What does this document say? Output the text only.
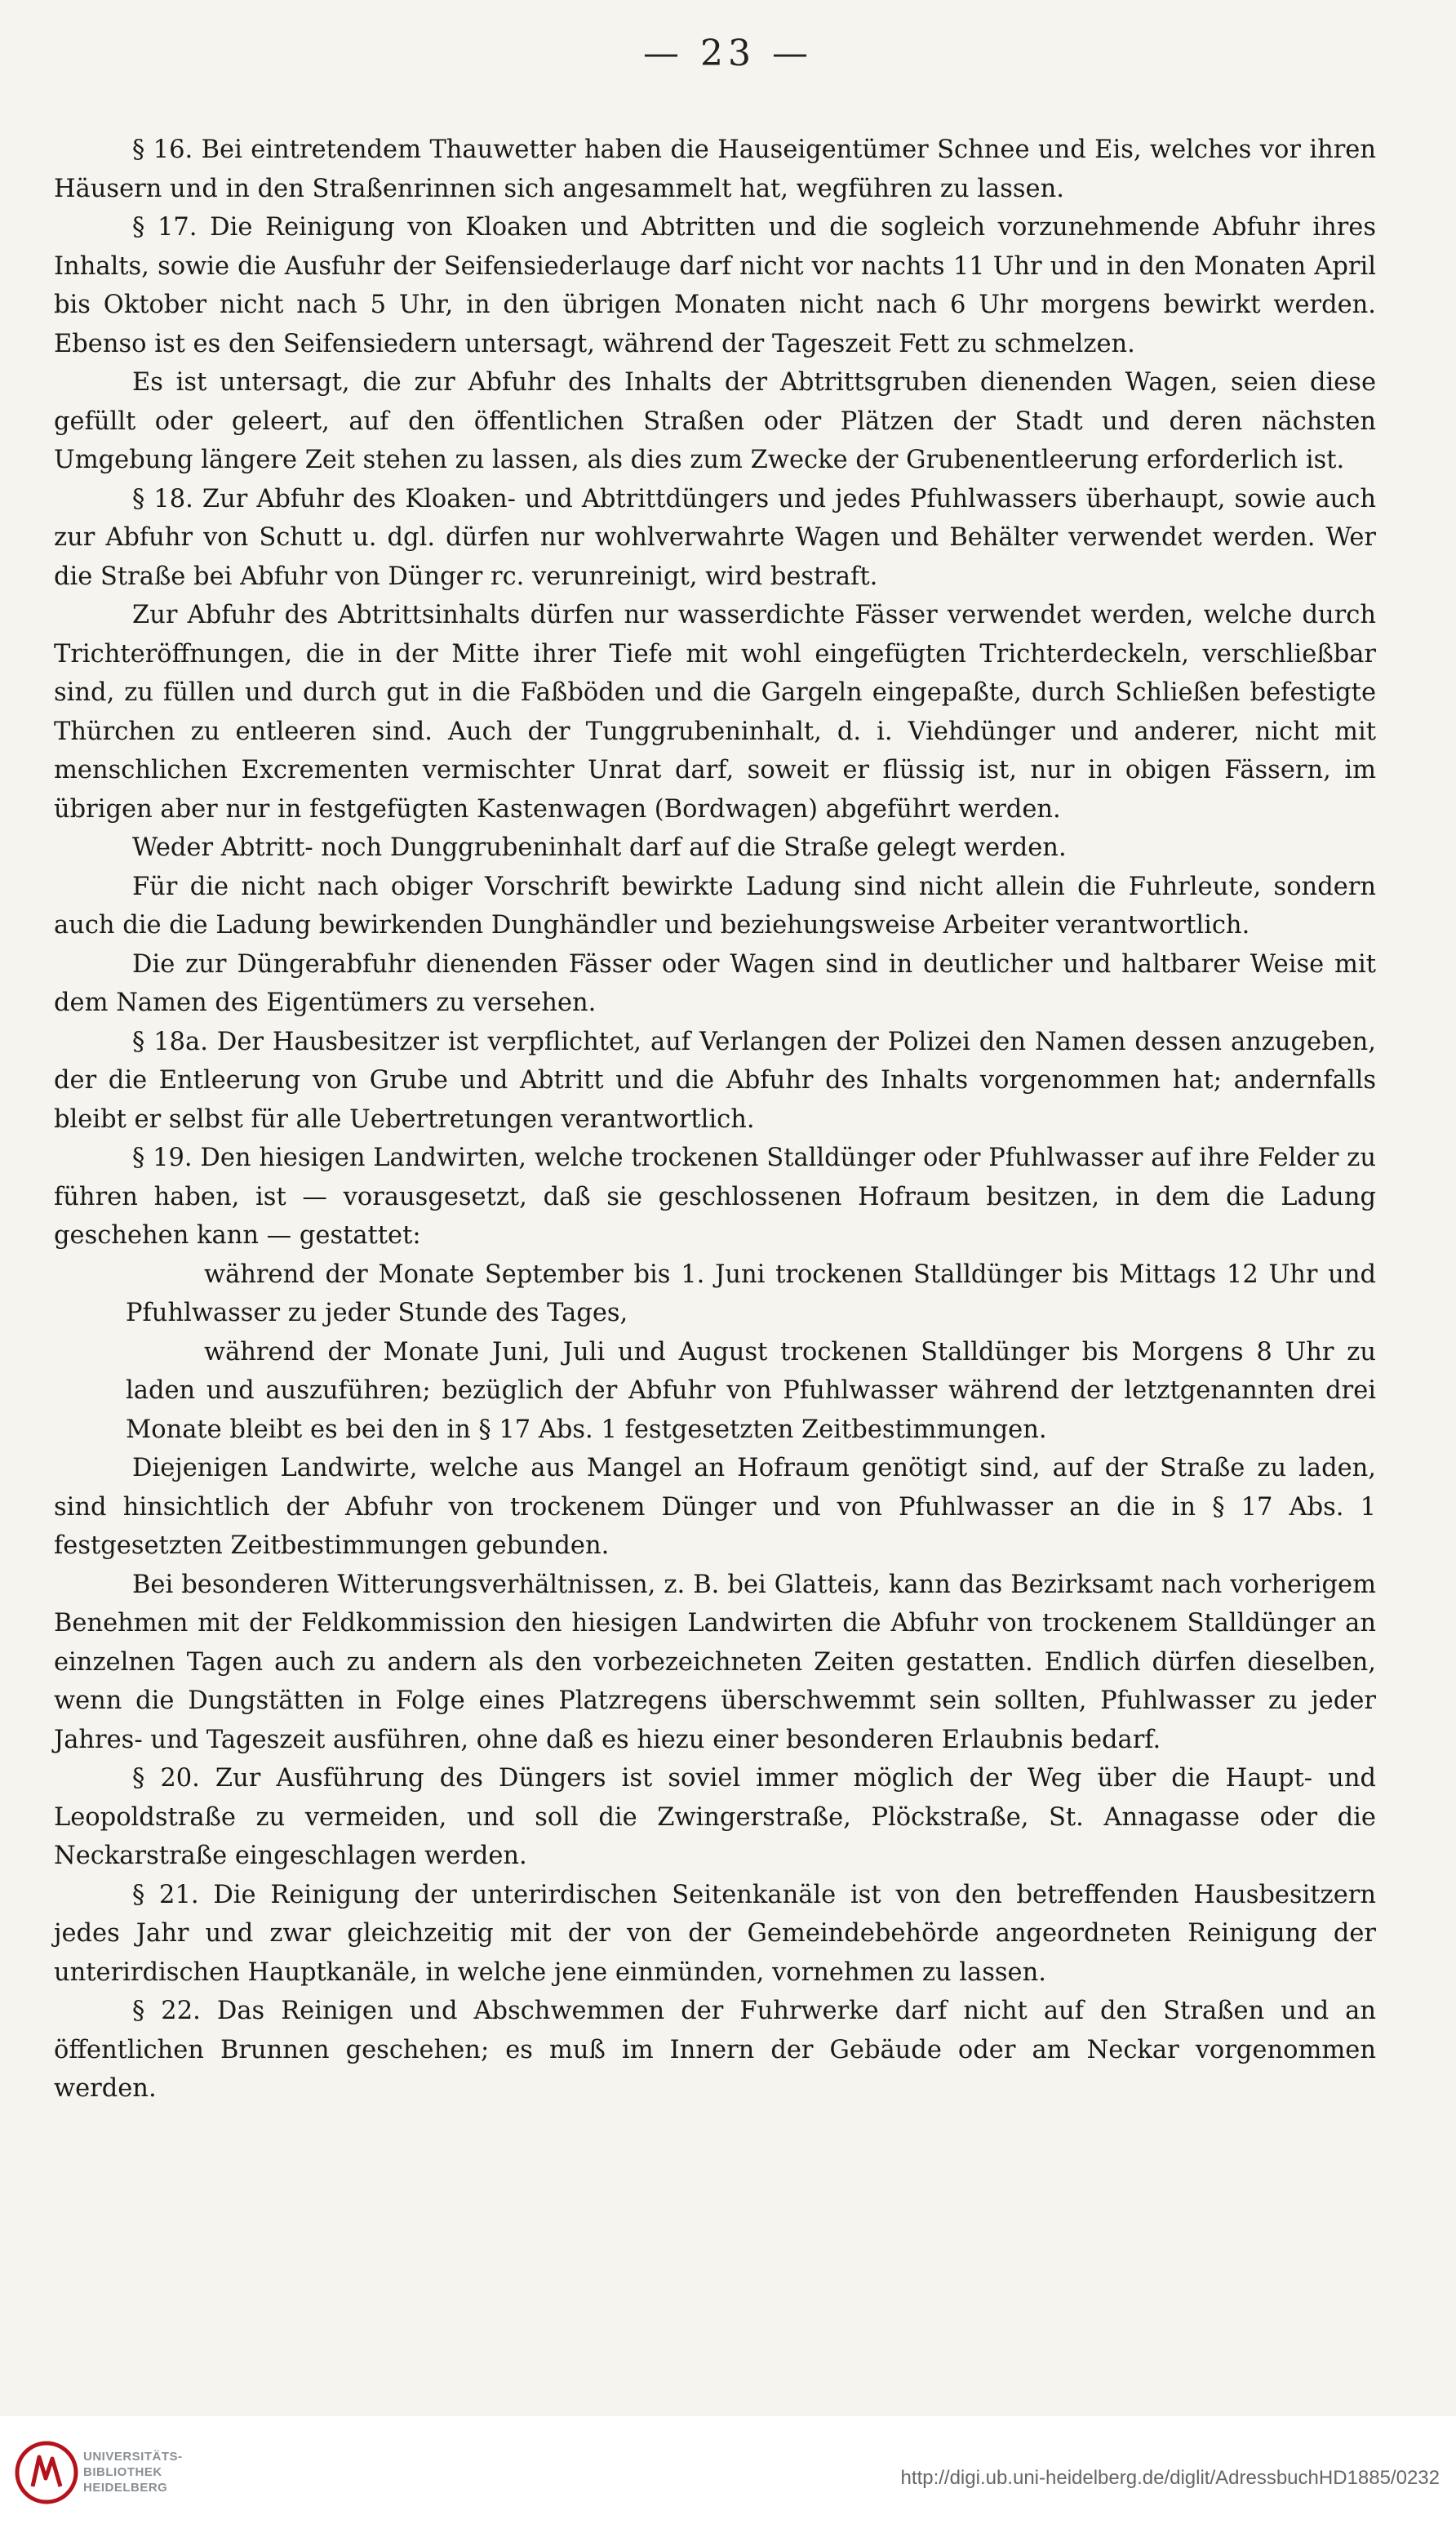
— 23 —

§ 16. Bei eintretendem Thauwetter haben die Hauseigentümer Schnee und Eis, welches vor ihren Häusern und in den Straßenrinnen sich angesammelt hat, wegführen zu lassen.

§ 17. Die Reinigung von Kloaken und Abtritten und die sogleich vorzunehmende Abfuhr ihres Inhalts, sowie die Ausfuhr der Seifensiederlauge darf nicht vor nachts 11 Uhr und in den Monaten April bis Oktober nicht nach 5 Uhr, in den übrigen Monaten nicht nach 6 Uhr morgens bewirkt werden. Ebenso ist es den Seifensiedern untersagt, während der Tageszeit Fett zu schmelzen.

Es ist untersagt, die zur Abfuhr des Inhalts der Abtrittsgruben dienenden Wagen, seien diese gefüllt oder geleert, auf den öffentlichen Straßen oder Plätzen der Stadt und deren nächsten Umgebung längere Zeit stehen zu lassen, als dies zum Zwecke der Grubenentleerung erforderlich ist.

§ 18. Zur Abfuhr des Kloaken- und Abtrittdüngers und jedes Pfuhlwassers überhaupt, sowie auch zur Abfuhr von Schutt u. dgl. dürfen nur wohlverwahrte Wagen und Behälter verwendet werden. Wer die Straße bei Abfuhr von Dünger rc. verunreinigt, wird bestraft.

Zur Abfuhr des Abtrittsinhalts dürfen nur wasserdichte Fässer verwendet werden, welche durch Trichteröffnungen, die in der Mitte ihrer Tiefe mit wohl eingefügten Trichterdeckeln, verschließbar sind, zu füllen und durch gut in die Faßböden und die Gargeln eingepaßte, durch Schließen befestigte Thürchen zu entleeren sind. Auch der Tunggrubeninhalt, d. i. Viehdünger und anderer, nicht mit menschlichen Excrementen vermischter Unrat darf, soweit er flüssig ist, nur in obigen Fässern, im übrigen aber nur in festgefügten Kastenwagen (Bordwagen) abgeführt werden.

Weder Abtritt- noch Dunggrubeninhalt darf auf die Straße gelegt werden.

Für die nicht nach obiger Vorschrift bewirkte Ladung sind nicht allein die Fuhrleute, sondern auch die die Ladung bewirkenden Dunghändler und beziehungsweise Arbeiter verantwortlich.

Die zur Düngerabfuhr dienenden Fässer oder Wagen sind in deutlicher und haltbarer Weise mit dem Namen des Eigentümers zu versehen.

§ 18a. Der Hausbesitzer ist verpflichtet, auf Verlangen der Polizei den Namen dessen anzugeben, der die Entleerung von Grube und Abtritt und die Abfuhr des Inhalts vorgenommen hat; andernfalls bleibt er selbst für alle Uebertretungen verantwortlich.

§ 19. Den hiesigen Landwirten, welche trockenen Stalldünger oder Pfuhlwasser auf ihre Felder zu führen haben, ist — vorausgesetzt, daß sie geschlossenen Hofraum besitzen, in dem die Ladung geschehen kann — gestattet:

während der Monate September bis 1. Juni trockenen Stalldünger bis Mittags 12 Uhr und Pfuhlwasser zu jeder Stunde des Tages,

während der Monate Juni, Juli und August trockenen Stalldünger bis Morgens 8 Uhr zu laden und auszuführen; bezüglich der Abfuhr von Pfuhlwasser während der letztgenannten drei Monate bleibt es bei den in § 17 Abs. 1 festgesetzten Zeitbestimmungen.

Diejenigen Landwirte, welche aus Mangel an Hofraum genötigt sind, auf der Straße zu laden, sind hinsichtlich der Abfuhr von trockenem Dünger und von Pfuhlwasser an die in § 17 Abs. 1 festgesetzten Zeitbestimmungen gebunden.

Bei besonderen Witterungsverhältnissen, z. B. bei Glatteis, kann das Bezirksamt nach vorherigem Benehmen mit der Feldkommission den hiesigen Landwirten die Abfuhr von trockenem Stalldünger an einzelnen Tagen auch zu andern als den vorbezeichneten Zeiten gestatten. Endlich dürfen dieselben, wenn die Dungstätten in Folge eines Platzregens überschwemmt sein sollten, Pfuhlwasser zu jeder Jahres- und Tageszeit ausführen, ohne daß es hiezu einer besonderen Erlaubnis bedarf.

§ 20. Zur Ausführung des Düngers ist soviel immer möglich der Weg über die Haupt- und Leopoldstraße zu vermeiden, und soll die Zwingerstraße, Plöckstraße, St. Annagasse oder die Neckarstraße eingeschlagen werden.

§ 21. Die Reinigung der unterirdischen Seitenkanäle ist von den betreffenden Hausbesitzern jedes Jahr und zwar gleichzeitig mit der von der Gemeindebehörde angeordneten Reinigung der unterirdischen Hauptkanäle, in welche jene einmünden, vornehmen zu lassen.

§ 22. Das Reinigen und Abschwemmen der Fuhrwerke darf nicht auf den Straßen und an öffentlichen Brunnen geschehen; es muß im Innern der Gebäude oder am Neckar vorgenommen werden.

UNIVERSITÄTS-
BIBLIOTHEK
HEIDELBERG	http://digi.ub.uni-heidelberg.de/diglit/AdressbuchHD1885/0232
